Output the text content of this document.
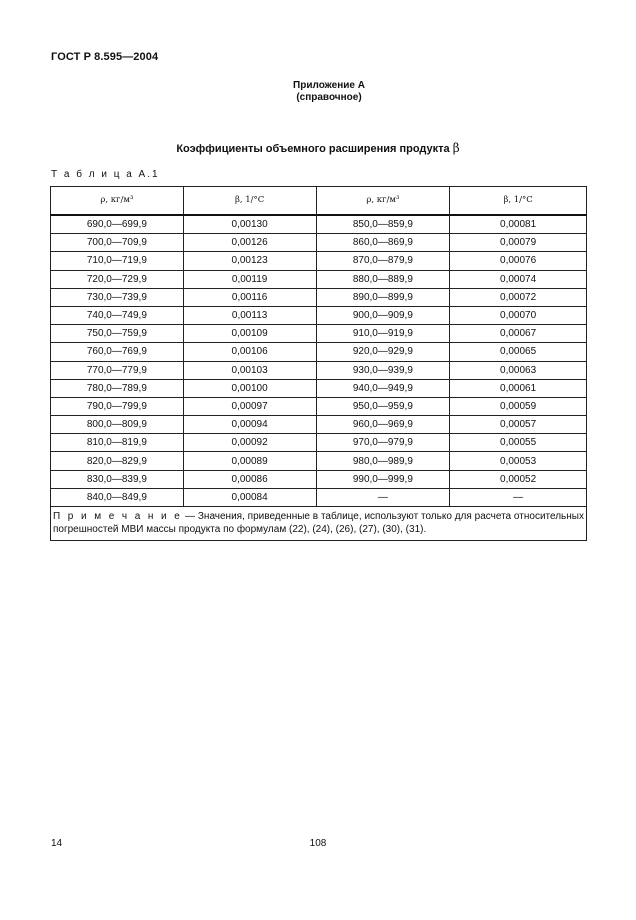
ГОСТ Р 8.595—2004
Приложение А
(справочное)
Коэффициенты объемного расширения продукта β
Т а б л и ц а А.1
ρ, кг/м³	β, 1/°С	ρ, кг/м³	β, 1/°С
690,0—699,9	0,00130	850,0—859,9	0,00081
700,0—709,9	0,00126	860,0—869,9	0,00079
710,0—719,9	0,00123	870,0—879,9	0,00076
720,0—729,9	0,00119	880,0—889,9	0,00074
730,0—739,9	0,00116	890,0—899,9	0,00072
740,0—749,9	0,00113	900,0—909,9	0,00070
750,0—759,9	0,00109	910,0—919,9	0,00067
760,0—769,9	0,00106	920,0—929,9	0,00065
770,0—779,9	0,00103	930,0—939,9	0,00063
780,0—789,9	0,00100	940,0—949,9	0,00061
790,0—799,9	0,00097	950,0—959,9	0,00059
800,0—809,9	0,00094	960,0—969,9	0,00057
810,0—819,9	0,00092	970,0—979,9	0,00055
820,0—829,9	0,00089	980,0—989,9	0,00053
830,0—839,9	0,00086	990,0—999,9	0,00052
840,0—849,9	0,00084	—	—
П р и м е ч а н и е — Значения, приведенные в таблице, используют только для расчета относительных погрешностей МВИ массы продукта по формулам (22), (24), (26), (27), (30), (31).			
14	108
